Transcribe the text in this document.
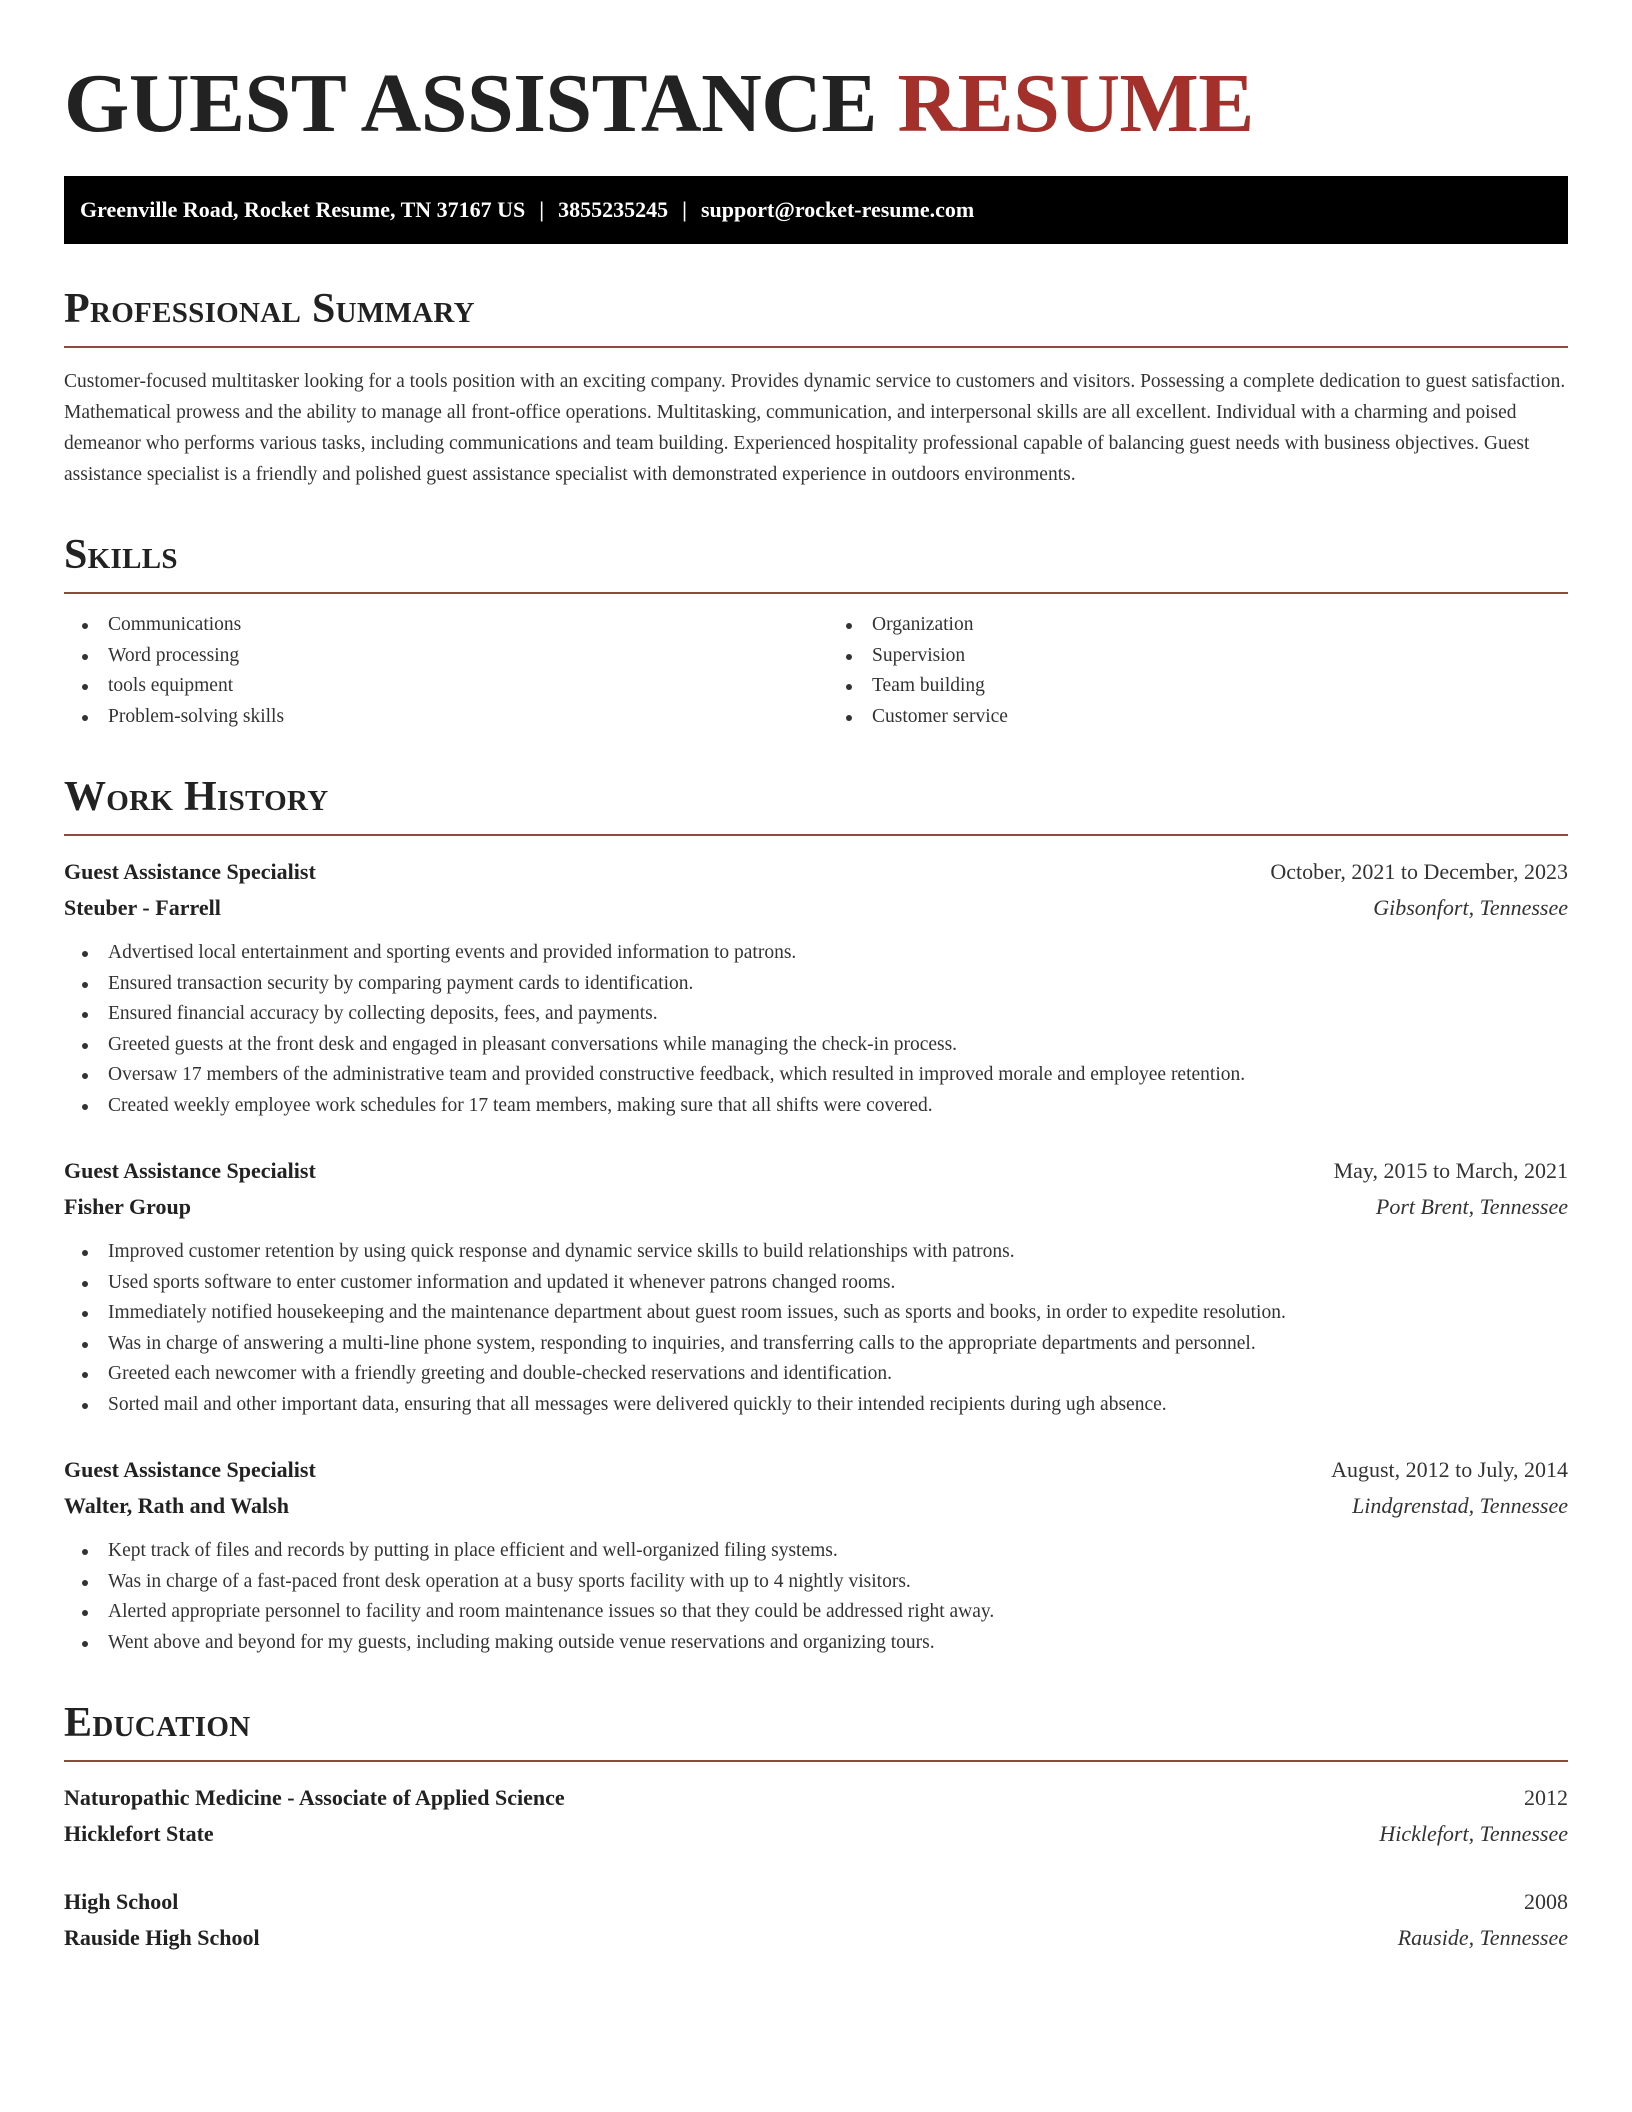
GUEST ASSISTANCE RESUME
Greenville Road, Rocket Resume, TN 37167 US | 3855235245 | support@rocket-resume.com
Professional Summary

Customer-focused multitasker looking for a tools position with an exciting company. Provides dynamic service to customers and visitors. Possessing a complete dedication to guest satisfaction. Mathematical prowess and the ability to manage all front-office operations. Multitasking, communication, and interpersonal skills are all excellent. Individual with a charming and poised demeanor who performs various tasks, including communications and team building. Experienced hospitality professional capable of balancing guest needs with business objectives. Guest assistance specialist is a friendly and polished guest assistance specialist with demonstrated experience in outdoors environments.

Skills
Communications
Word processing
tools equipment
Problem-solving skills
Organization
Supervision
Team building
Customer service
Work History
Guest Assistance Specialist	October, 2021 to December, 2023
Steuber - Farrell	Gibsonfort, Tennessee
Advertised local entertainment and sporting events and provided information to patrons.
Ensured transaction security by comparing payment cards to identification.
Ensured financial accuracy by collecting deposits, fees, and payments.
Greeted guests at the front desk and engaged in pleasant conversations while managing the check-in process.
Oversaw 17 members of the administrative team and provided constructive feedback, which resulted in improved morale and employee retention.
Created weekly employee work schedules for 17 team members, making sure that all shifts were covered.
Guest Assistance Specialist	May, 2015 to March, 2021
Fisher Group	Port Brent, Tennessee
Improved customer retention by using quick response and dynamic service skills to build relationships with patrons.
Used sports software to enter customer information and updated it whenever patrons changed rooms.
Immediately notified housekeeping and the maintenance department about guest room issues, such as sports and books, in order to expedite resolution.
Was in charge of answering a multi-line phone system, responding to inquiries, and transferring calls to the appropriate departments and personnel.
Greeted each newcomer with a friendly greeting and double-checked reservations and identification.
Sorted mail and other important data, ensuring that all messages were delivered quickly to their intended recipients during ugh absence.
Guest Assistance Specialist	August, 2012 to July, 2014
Walter, Rath and Walsh	Lindgrenstad, Tennessee
Kept track of files and records by putting in place efficient and well-organized filing systems.
Was in charge of a fast-paced front desk operation at a busy sports facility with up to 4 nightly visitors.
Alerted appropriate personnel to facility and room maintenance issues so that they could be addressed right away.
Went above and beyond for my guests, including making outside venue reservations and organizing tours.
Education
Naturopathic Medicine - Associate of Applied Science	2012
Hicklefort State	Hicklefort, Tennessee
High School	2008
Rauside High School	Rauside, Tennessee
